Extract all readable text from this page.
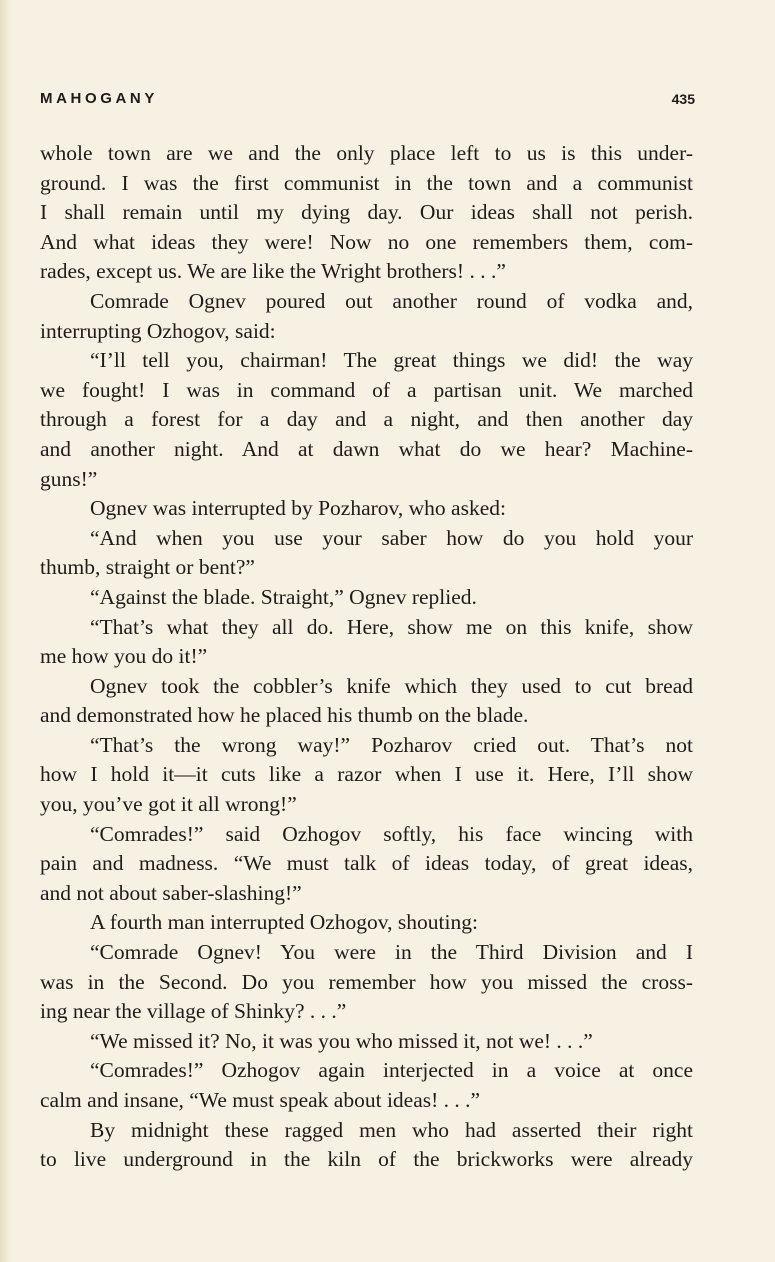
MAHOGANY	435
whole town are we and the only place left to us is this under-
ground. I was the first communist in the town and a communist
I shall remain until my dying day. Our ideas shall not perish.
And what ideas they were! Now no one remembers them, com-
rades, except us. We are like the Wright brothers! . . .”
Comrade Ognev poured out another round of vodka and,
interrupting Ozhogov, said:
“I’ll tell you, chairman! The great things we did! the way
we fought! I was in command of a partisan unit. We marched
through a forest for a day and a night, and then another day
and another night. And at dawn what do we hear? Machine-
guns!”
Ognev was interrupted by Pozharov, who asked:
“And when you use your saber how do you hold your
thumb, straight or bent?”
“Against the blade. Straight,” Ognev replied.
“That’s what they all do. Here, show me on this knife, show
me how you do it!”
Ognev took the cobbler’s knife which they used to cut bread
and demonstrated how he placed his thumb on the blade.
“That’s the wrong way!” Pozharov cried out. That’s not
how I hold it—it cuts like a razor when I use it. Here, I’ll show
you, you’ve got it all wrong!”
“Comrades!” said Ozhogov softly, his face wincing with
pain and madness. “We must talk of ideas today, of great ideas,
and not about saber-slashing!”
A fourth man interrupted Ozhogov, shouting:
“Comrade Ognev! You were in the Third Division and I
was in the Second. Do you remember how you missed the cross-
ing near the village of Shinky? . . .”
“We missed it? No, it was you who missed it, not we! . . .”
“Comrades!” Ozhogov again interjected in a voice at once
calm and insane, “We must speak about ideas! . . .”
By midnight these ragged men who had asserted their right
to live underground in the kiln of the brickworks were already
